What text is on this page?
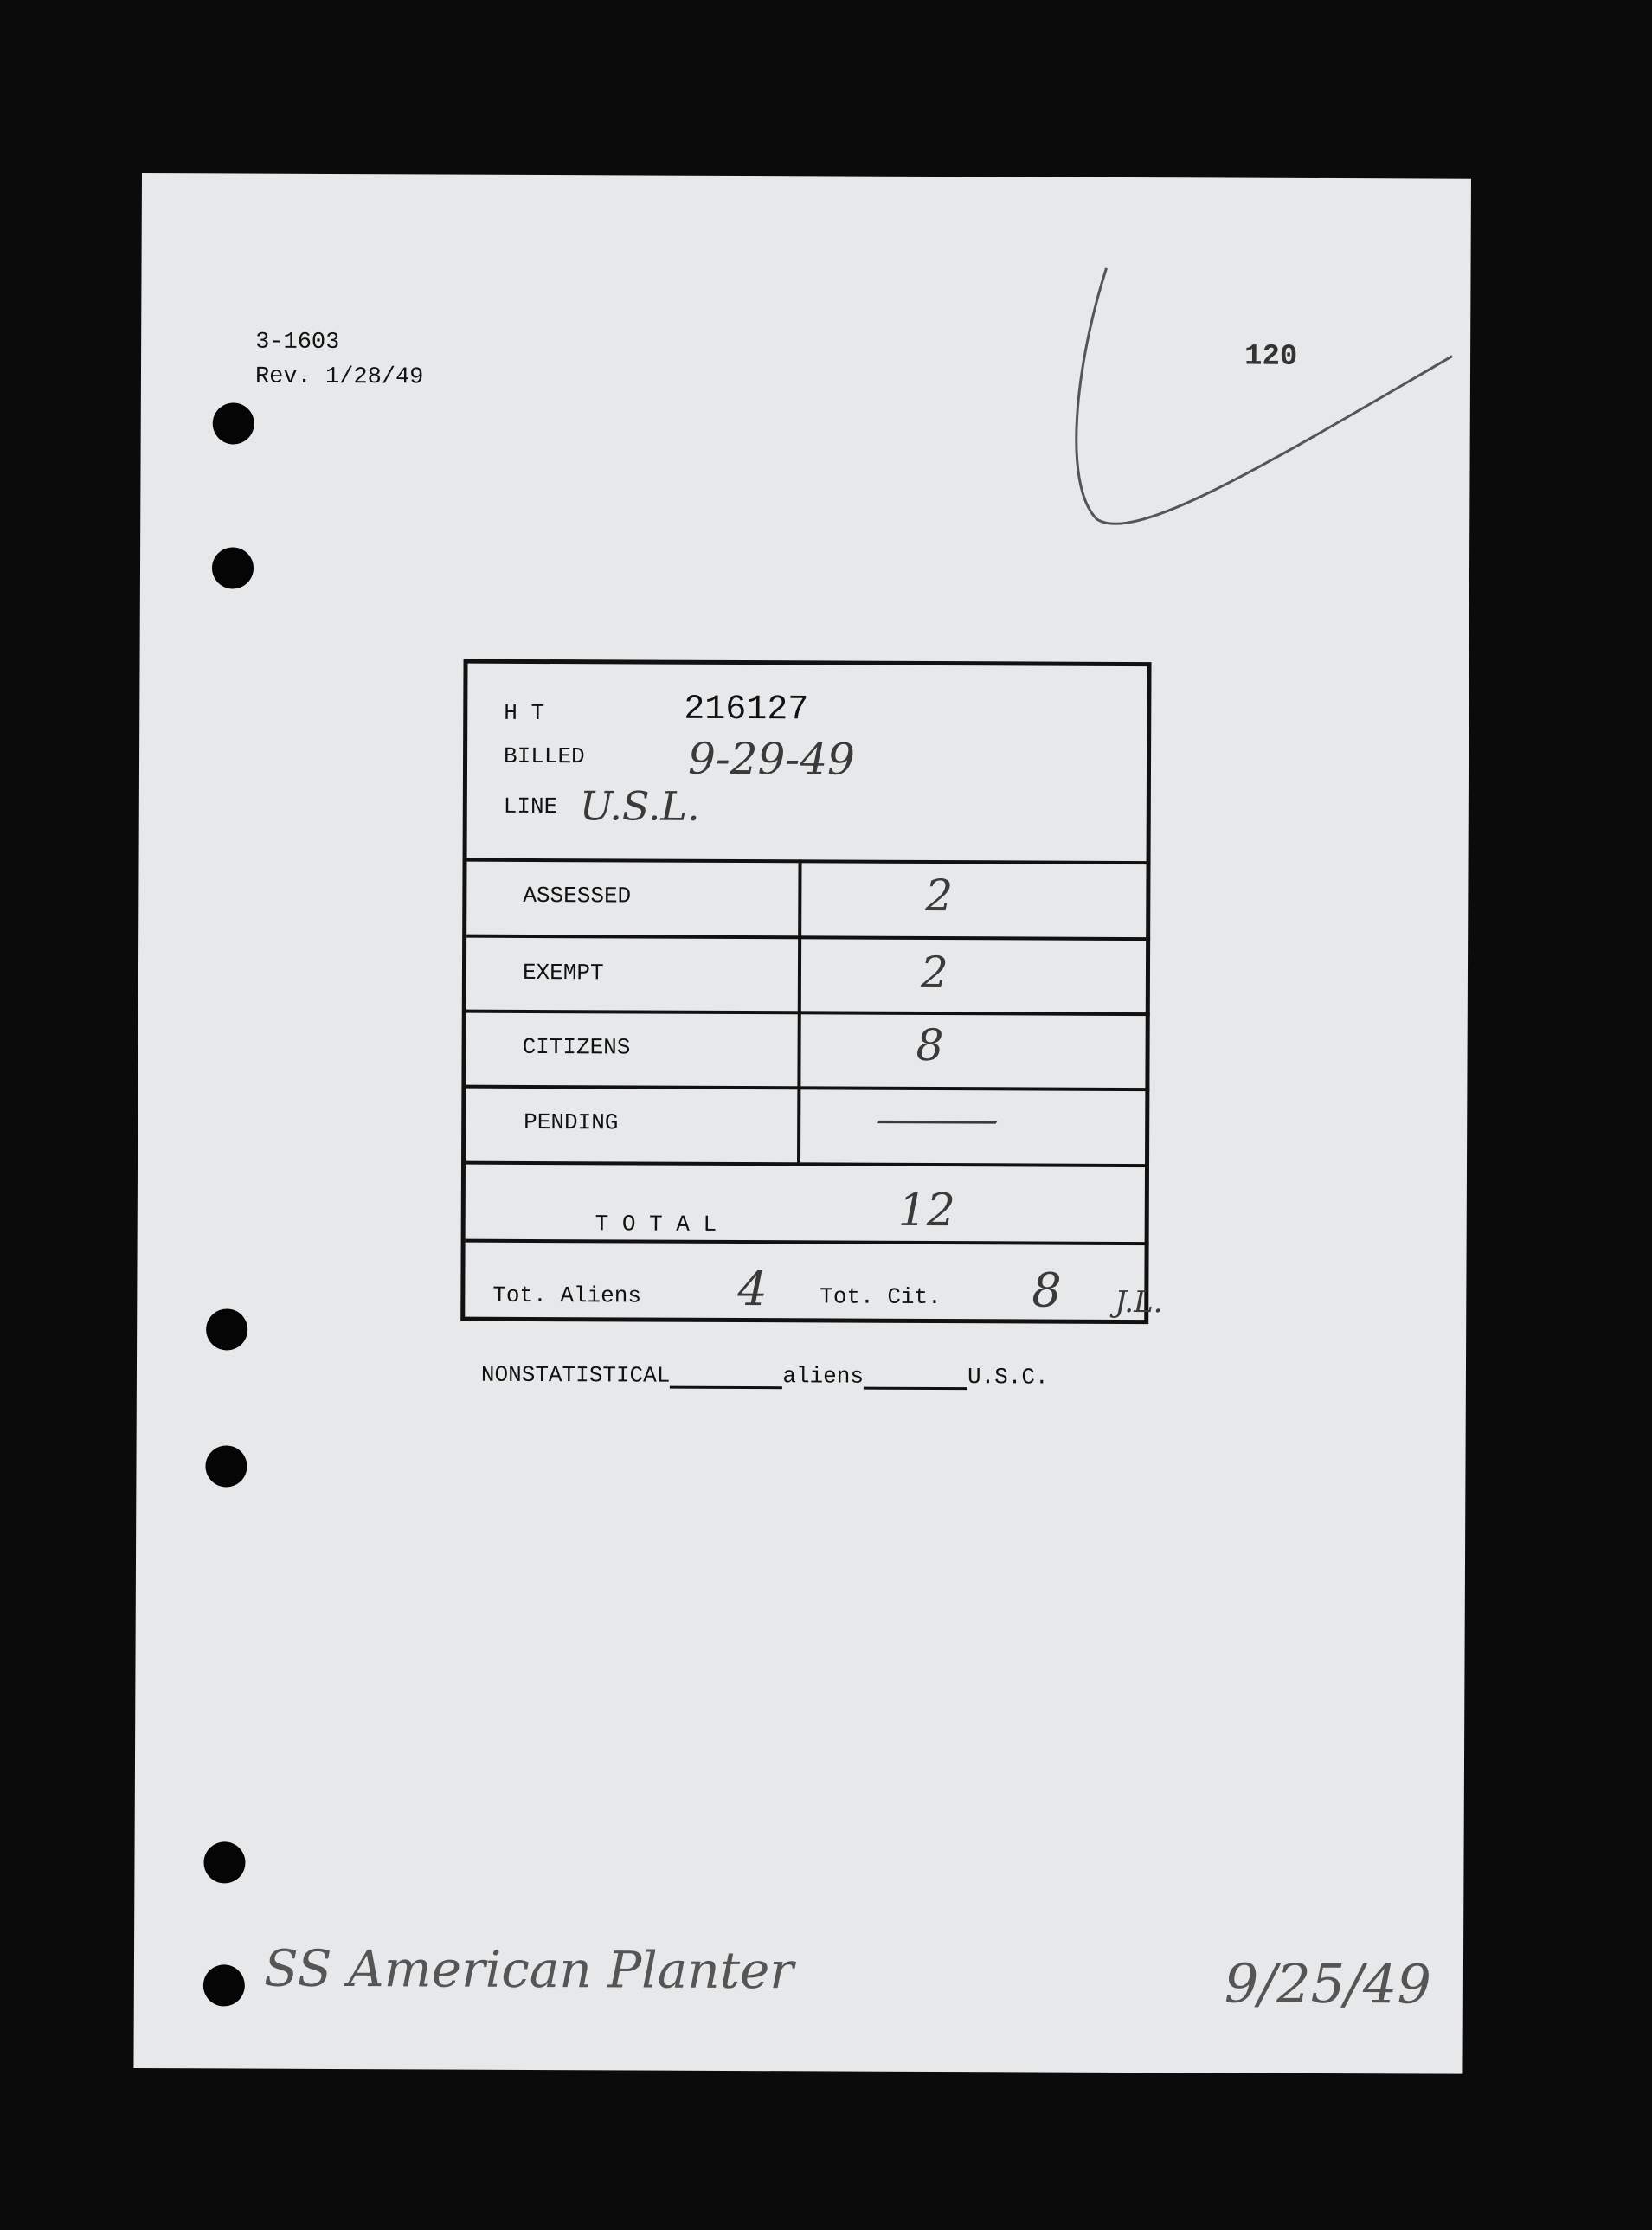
3-1603
Rev. 1/28/49
120
H T	216127
BILLED 9-29-49
LINE U.S.L.
ASSESSED	2
EXEMPT	2
CITIZENS	8
PENDING	—
T O T A L	12
Tot. Aliens 4 Tot. Cit. 8 J.L.
NONSTATISTICAL	aliens	U.S.C.
SS American Planter	9/25/49
